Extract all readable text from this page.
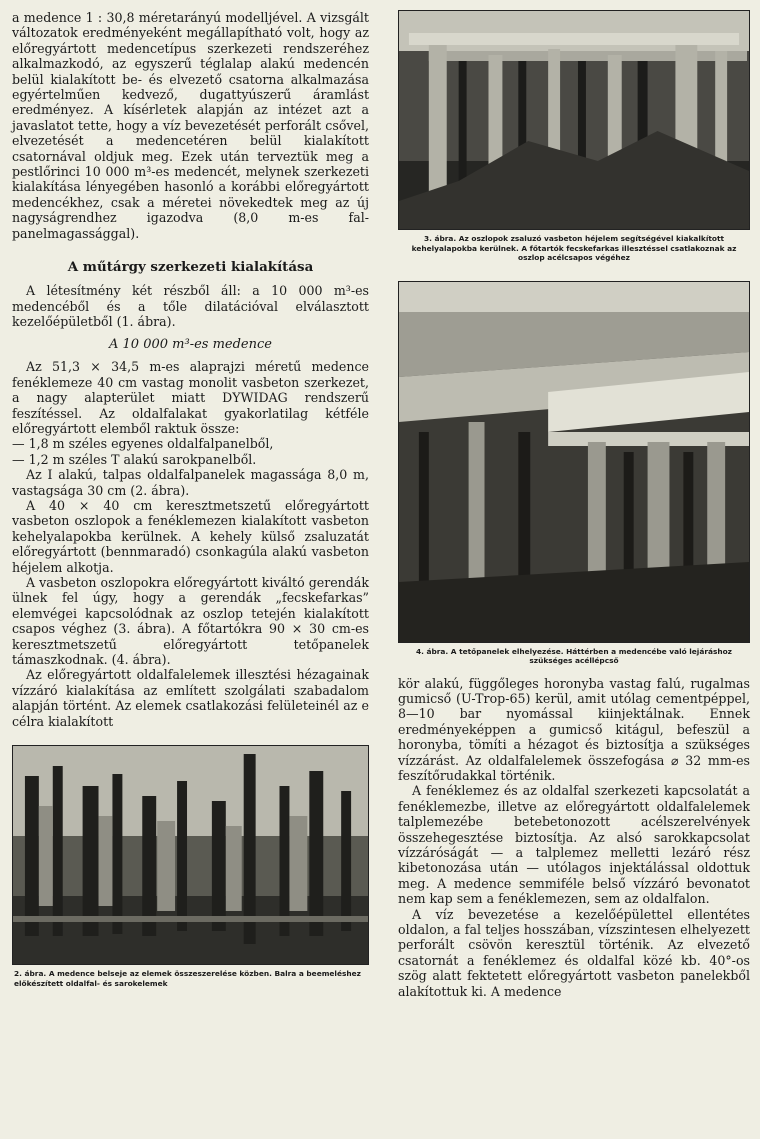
a medence 1 : 30,8 méretarányú modelljével. A vizsgált változatok eredményeként megállapítható volt, hogy az előregyártott medencetípus szerkezeti rendszeréhez alkalmazkodó, az egyszerű téglalap alakú medencén belül kialakított be- és elvezető csatorna alkalmazása egyértelműen kedvező, dugattyúszerű áramlást eredményez. A kísérletek alapján az intézet azt a javaslatot tette, hogy a víz bevezetését perforált csővel, elvezetését a medencetéren belül kialakított csatornával oldjuk meg. Ezek után terveztük meg a pestlőrinci 10 000 m³-es medencét, melynek szerkezeti kialakítása lényegében hasonló a korábbi előregyártott medencékhez, csak a méretei növekedtek meg az új nagyságrendhez igazodva (8,0 m-es fal-panelmagassággal).

A műtárgy szerkezeti kialakítása

A létesítmény két részből áll: a 10 000 m³-es medencéből és a tőle dilatációval elválasztott kezelőépületből (1. ábra).

A 10 000 m³-es medence

Az 51,3 × 34,5 m-es alaprajzi méretű medence fenéklemeze 40 cm vastag monolit vasbeton szerkezet, a nagy alapterület miatt DYWIDAG rendszerű feszítéssel. Az oldalfalakat gyakorlatilag kétféle előregyártott elemből raktuk össze:

— 1,8 m széles egyenes oldalfalpanelből,
— 1,2 m széles T alakú sarokpanelből.

Az I alakú, talpas oldalfalpanelek magassága 8,0 m, vastagsága 30 cm (2. ábra).

A 40 × 40 cm keresztmetszetű előregyártott vasbeton oszlopok a fenéklemezen kialakított vasbeton kehelyalapokba kerülnek. A kehely külső zsaluzatát előregyártott (bennmaradó) csonkagúla alakú vasbeton héjelem alkotja.

A vasbeton oszlopokra előregyártott kiváltó gerendák ülnek fel úgy, hogy a gerendák „fecskefarkas” elemvégei kapcsolódnak az oszlop tetején kialakított csapos véghez (3. ábra). A főtartókra 90 × 30 cm-es keresztmetszetű előregyártott tetőpanelek támaszkodnak. (4. ábra).

Az előregyártott oldalfalelemek illesztési hézagainak vízzáró kialakítása az említett szolgálati szabadalom alapján történt. Az elemek csatlakozási felületeinél az e célra kialakított

2. ábra. A medence belseje az elemek összeszerelése közben. Balra a beemeléshez előkészített oldalfal- és sarokelemek
3. ábra. Az oszlopok zsaluzó vasbeton héjelem segítségével kiakalkított kehelyalapokba kerülnek. A főtartók fecskefarkas illesztéssel csatlakoznak az oszlop acélcsapos végéhez
4. ábra. A tetőpanelek elhelyezése. Háttérben a medencébe való lejáráshoz szükséges acéllépcső

kör alakú, függőleges horonyba vastag falú, rugalmas gumicső (U-Trop-65) kerül, amit utólag cementpéppel, 8—10 bar nyomással kiinjektálnak. Ennek eredményeképpen a gumicső kitágul, befeszül a horonyba, tömíti a hézagot és biztosítja a szükséges vízzárást. Az oldalfalelemek összefogása ⌀ 32 mm-es feszítőrudakkal történik.

A fenéklemez és az oldalfal szerkezeti kapcsolatát a fenéklemezbe, illetve az előregyártott oldalfalelemek talplemezébe betebetonozott acélszerelvények összehegesztése biztosítja. Az alsó sarokkapcsolat vízzáróságát — a talplemez melletti lezáró rész kibetonozása után — utólagos injektálással oldottuk meg. A medence semmiféle belső vízzáró bevonatot nem kap sem a fenéklemezen, sem az oldalfalon.

A víz bevezetése a kezelőépülettel ellentétes oldalon, a fal teljes hosszában, vízszintesen elhelyezett perforált csövön keresztül történik. Az elvezető csatornát a fenéklemez és oldalfal közé kb. 40°-os szög alatt fektetett előregyártott vasbeton panelekből alakítottuk ki. A medence
